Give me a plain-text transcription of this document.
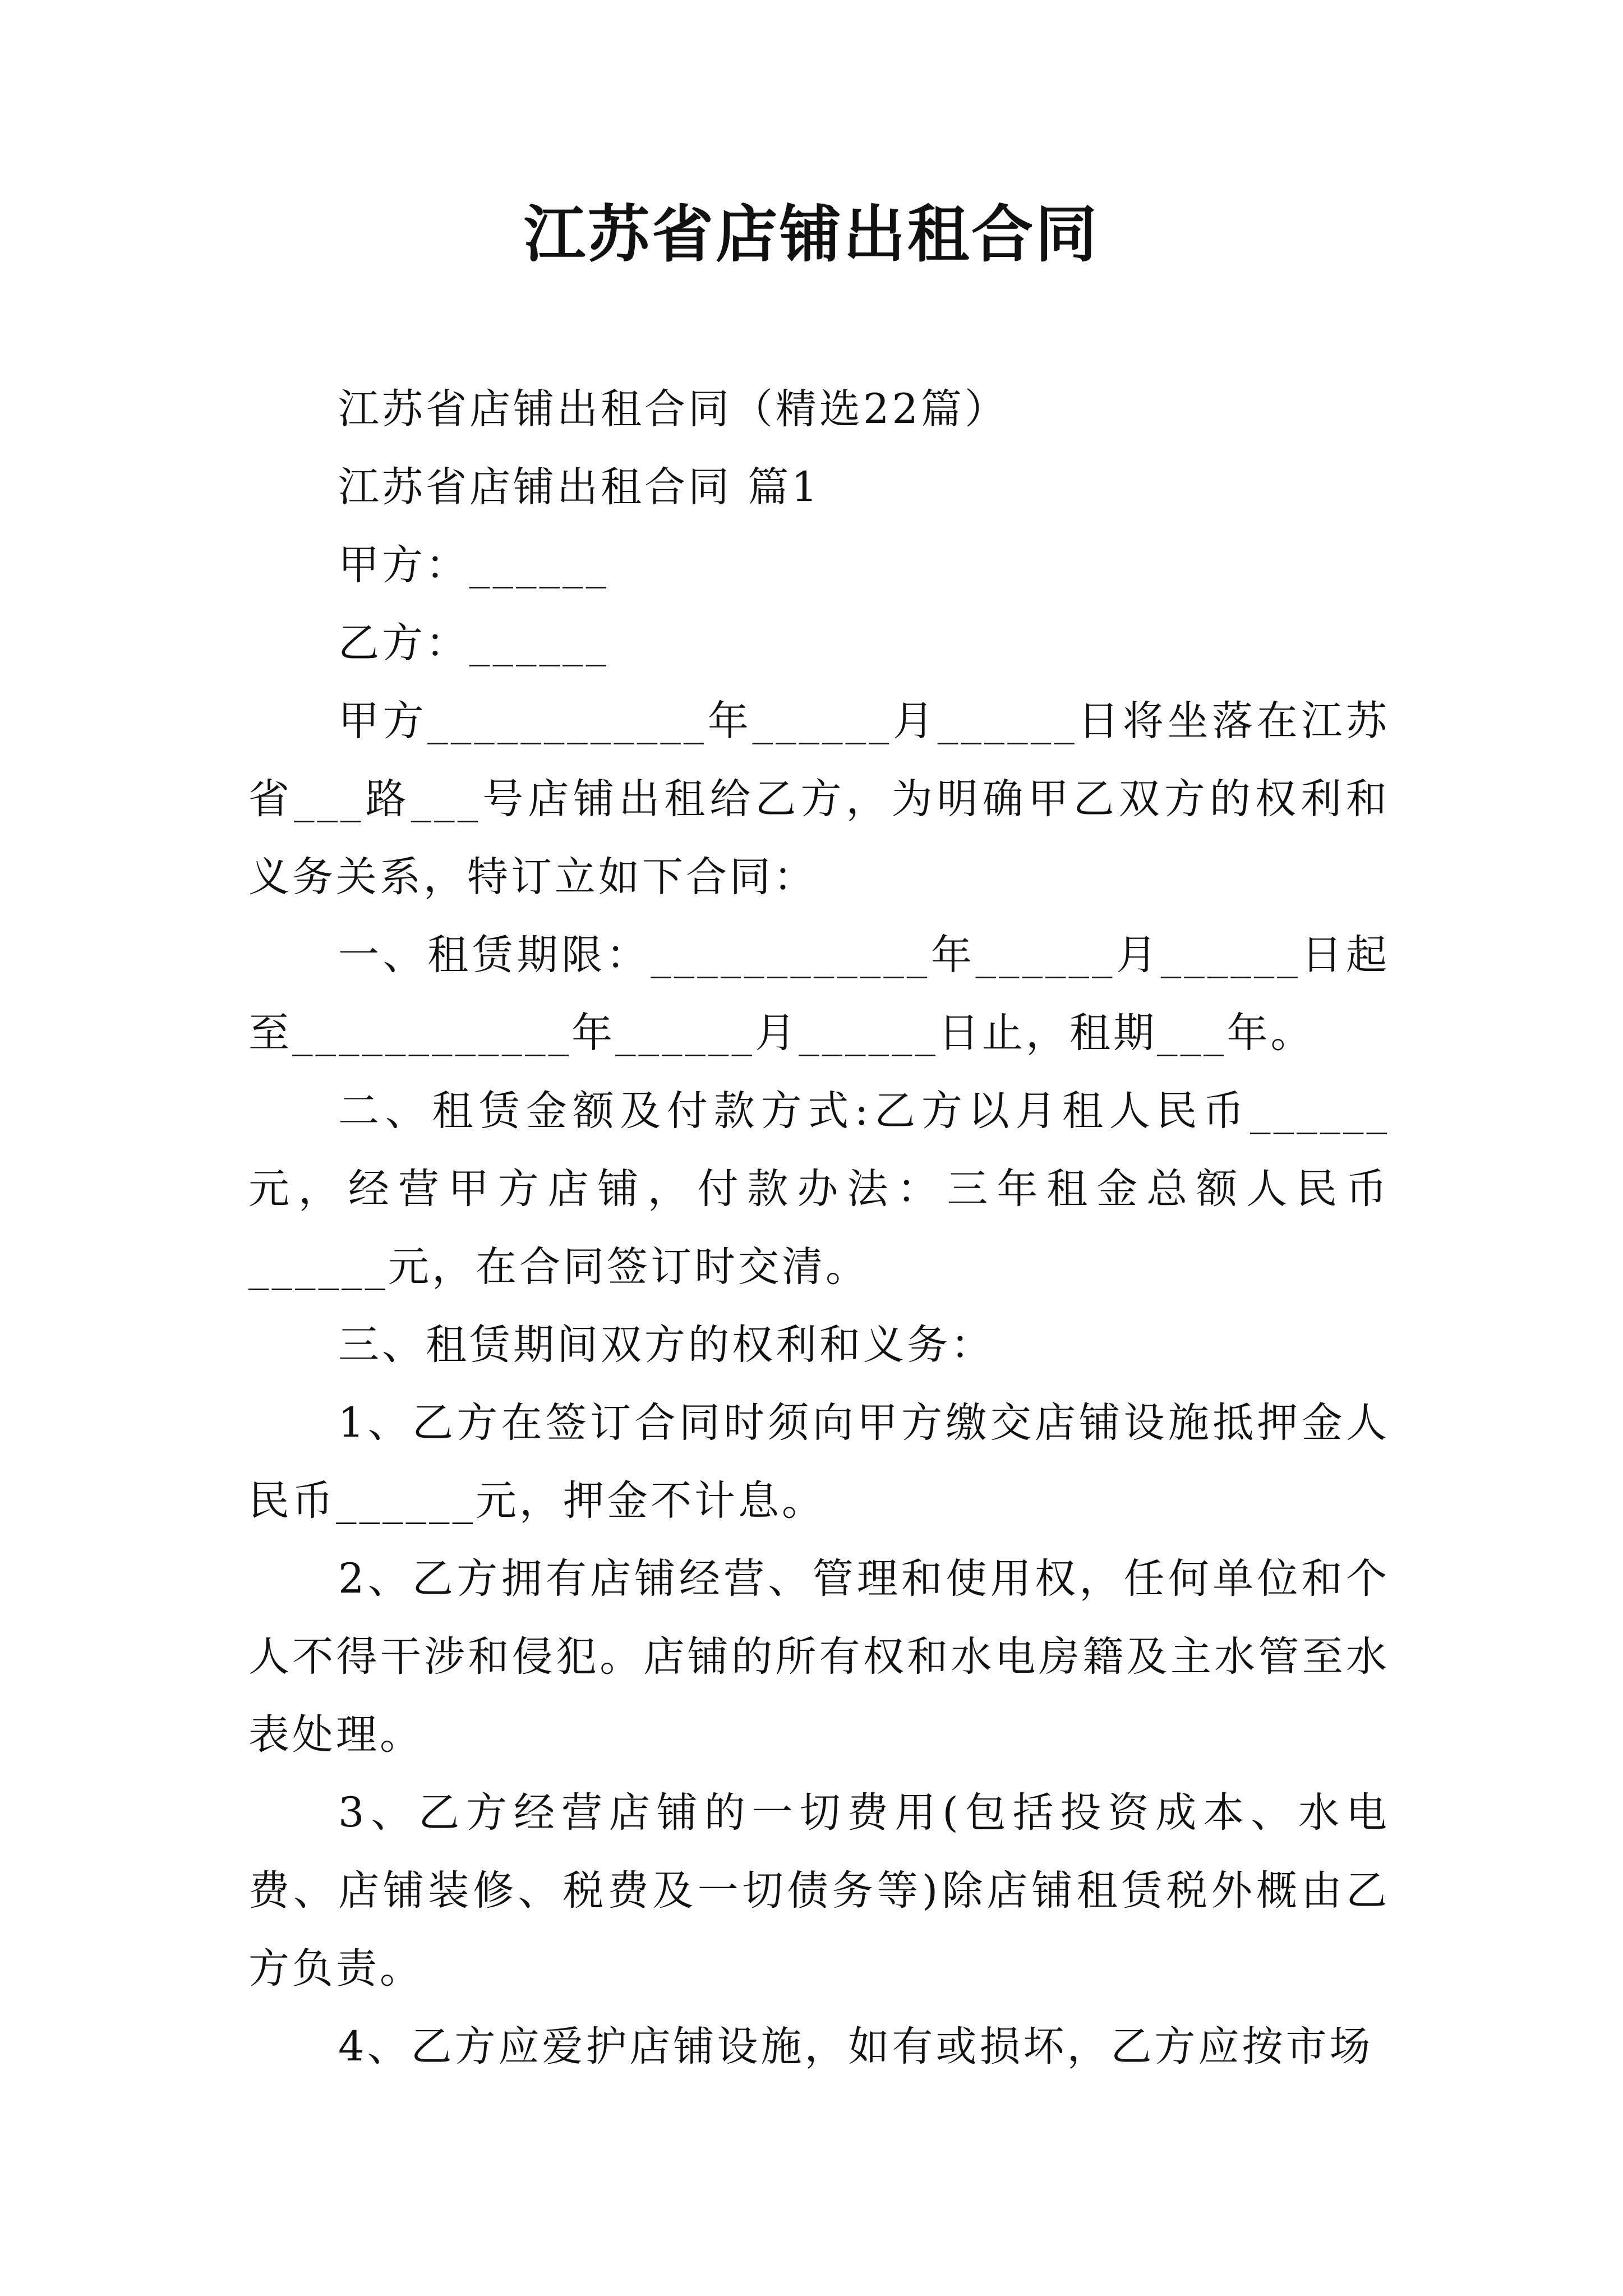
江苏省店铺出租合同

江苏省店铺出租合同（精选22篇）

江苏省店铺出租合同 篇1

甲方：______

乙方：______

甲方____________年______月______日将坐落在江苏省___路___号店铺出租给乙方，为明确甲乙双方的权利和义务关系，特订立如下合同：

一、租赁期限：____________年______月______日起至____________年______月______日止，租期___年。

二、租赁金额及付款方式:乙方以月租人民币______元，经营甲方店铺，付款办法：三年租金总额人民币______元，在合同签订时交清。

三、租赁期间双方的权利和义务：

1、乙方在签订合同时须向甲方缴交店铺设施抵押金人民币______元，押金不计息。

2、乙方拥有店铺经营、管理和使用权，任何单位和个人不得干涉和侵犯。店铺的所有权和水电房籍及主水管至水表处理。

3、乙方经营店铺的一切费用(包括投资成本、水电费、店铺装修、税费及一切债务等)除店铺租赁税外概由乙方负责。

4、乙方应爱护店铺设施，如有或损坏，乙方应按市场
